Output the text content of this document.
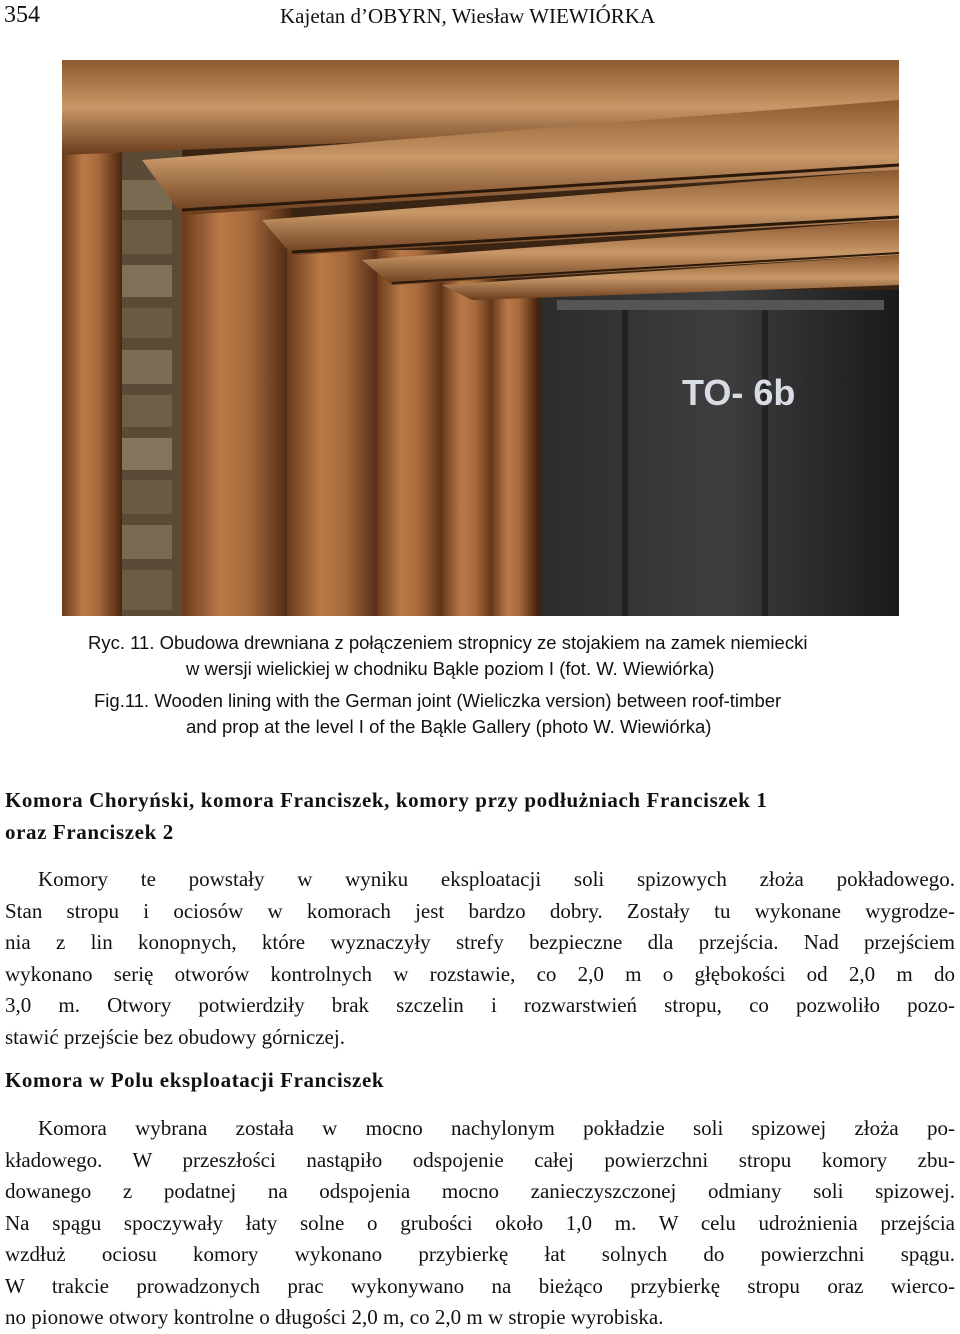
354	Kajetan d’OBYRN, Wiesław WIEWIÓRKA
TO- 6b
Ryc. 11. Obudowa drewniana z połączeniem stropnicy ze stojakiem na zamek niemiecki
w wersji wielickiej w chodniku Bąkle poziom I (fot. W. Wiewiórka)
Fig.11. Wooden lining with the German joint (Wieliczka version) between roof-timber
and prop at the level I of the Bąkle Gallery (photo W. Wiewiórka)
Komora Choryński, komora Franciszek, komory przy podłużniach Franciszek 1
oraz Franciszek 2
Komory te powstały w wyniku eksploatacji soli spizowych złoża pokładowego.
Stan stropu i ociosów w komorach jest bardzo dobry. Zostały tu wykonane wygrodze-
nia z lin konopnych, które wyznaczyły strefy bezpieczne dla przejścia. Nad przejściem
wykonano serię otworów kontrolnych w rozstawie, co 2,0 m o głębokości od 2,0 m do
3,0 m. Otwory potwierdziły brak szczelin i rozwarstwień stropu, co pozwoliło pozo-
stawić przejście bez obudowy górniczej.
Komora w Polu eksploatacji Franciszek
Komora wybrana została w mocno nachylonym pokładzie soli spizowej złoża po-
kładowego. W przeszłości nastąpiło odspojenie całej powierzchni stropu komory zbu-
dowanego z podatnej na odspojenia mocno zanieczyszczonej odmiany soli spizowej.
Na spągu spoczywały łaty solne o grubości około 1,0 m. W celu udrożnienia przejścia
wzdłuż ociosu komory wykonano przybierkę łat solnych do powierzchni spągu.
W trakcie prowadzonych prac wykonywano na bieżąco przybierkę stropu oraz wierco-
no pionowe otwory kontrolne o długości 2,0 m, co 2,0 m w stropie wyrobiska.
